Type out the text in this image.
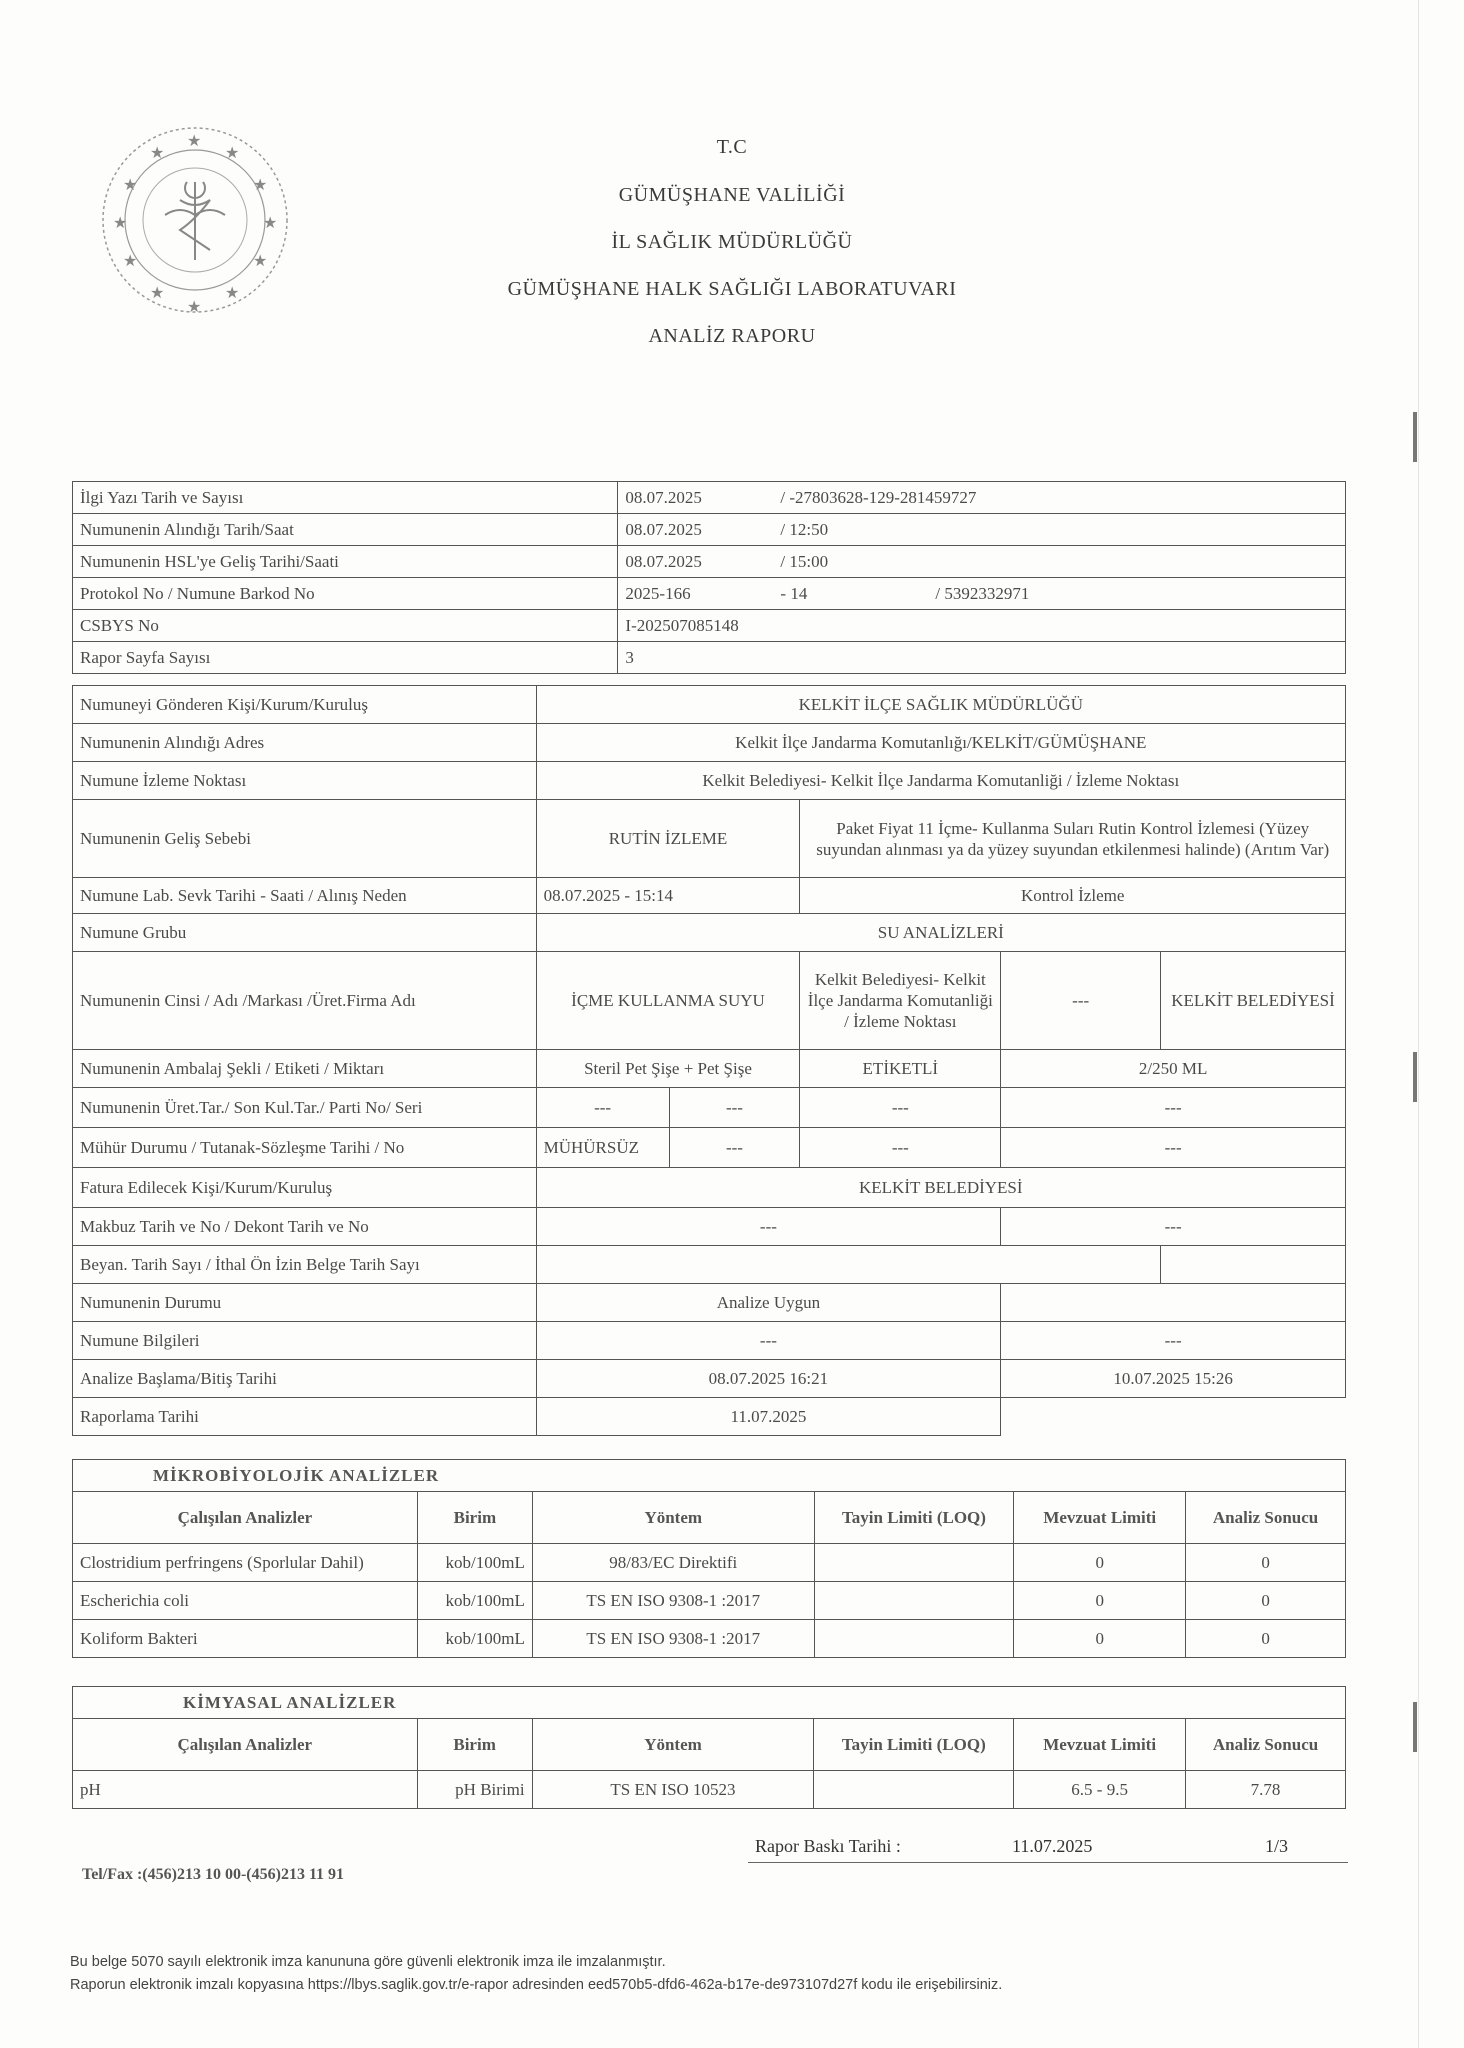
★
★	★
★	★
★	★
★	★
★	★
★
T.C
GÜMÜŞHANE VALİLİĞİ
İL SAĞLIK MÜDÜRLÜĞÜ
GÜMÜŞHANE HALK SAĞLIĞI LABORATUVARI
ANALİZ RAPORU
İlgi Yazı Tarih ve Sayısı	08.07.2025 / -27803628-129-281459727
Numunenin Alındığı Tarih/Saat	08.07.2025 / 12:50
Numunenin HSL'ye Geliş Tarihi/Saati	08.07.2025 / 15:00
Protokol No / Numune Barkod No	2025-166 - 14 / 5392332971
CSBYS No	I-202507085148
Rapor Sayfa Sayısı	3
Numuneyi Gönderen Kişi/Kurum/Kuruluş	KELKİT İLÇE SAĞLIK MÜDÜRLÜĞÜ				
Numunenin Alındığı Adres	Kelkit İlçe Jandarma Komutanlığı/KELKİT/GÜMÜŞHANE				
Numune İzleme Noktası	Kelkit Belediyesi- Kelkit İlçe Jandarma Komutanliği / İzleme Noktası				
Numunenin Geliş Sebebi	RUTİN İZLEME		Paket Fiyat 11 İçme- Kullanma Suları Rutin Kontrol İzlemesi (Yüzey suyundan alınması ya da yüzey suyundan etkilenmesi halinde) (Arıtım Var)		
Numune Lab. Sevk Tarihi - Saati / Alınış Neden	08.07.2025 - 15:14		Kontrol İzleme		
Numune Grubu	SU ANALİZLERİ				
Numunenin Cinsi / Adı /Markası /Üret.Firma Adı	İÇME KULLANMA SUYU		Kelkit Belediyesi- Kelkit İlçe Jandarma Komutanliği / İzleme Noktası	---	KELKİT BELEDİYESİ
Numunenin Ambalaj Şekli / Etiketi / Miktarı	Steril Pet Şişe + Pet Şişe		ETİKETLİ	2/250 ML	
Numunenin Üret.Tar./ Son Kul.Tar./ Parti No/ Seri	---	---	---	---	
Mühür Durumu / Tutanak-Sözleşme Tarihi / No	MÜHÜRSÜZ	---	---	---	
Fatura Edilecek Kişi/Kurum/Kuruluş	KELKİT BELEDİYESİ				
Makbuz Tarih ve No / Dekont Tarih ve No	---			---	
Beyan. Tarih Sayı / İthal Ön İzin Belge Tarih Sayı					
Numunenin Durumu	Analize Uygun				
Numune Bilgileri	---			---	
Analize Başlama/Bitiş Tarihi	08.07.2025 16:21			10.07.2025 15:26	
Raporlama Tarihi	11.07.2025				
MİKROBİYOLOJİK ANALİZLER					
Çalışılan Analizler	Birim	Yöntem	Tayin Limiti (LOQ)	Mevzuat Limiti	Analiz Sonucu
Clostridium perfringens (Sporlular Dahil)	kob/100mL	98/83/EC Direktifi		0	0
Escherichia coli	kob/100mL	TS EN ISO 9308-1 :2017		0	0
Koliform Bakteri	kob/100mL	TS EN ISO 9308-1 :2017		0	0
KİMYASAL ANALİZLER					
Çalışılan Analizler	Birim	Yöntem	Tayin Limiti (LOQ)	Mevzuat Limiti	Analiz Sonucu
pH	pH Birimi	TS EN ISO 10523		6.5 - 9.5	7.78
Rapor Baskı Tarihi :	11.07.2025	1/3
Tel/Fax :(456)213 10 00-(456)213 11 91
Bu belge 5070 sayılı elektronik imza kanununa göre güvenli elektronik imza ile imzalanmıştır.
Raporun elektronik imzalı kopyasına https://lbys.saglik.gov.tr/e-rapor adresinden eed570b5-dfd6-462a-b17e-de973107d27f kodu ile erişebilirsiniz.
